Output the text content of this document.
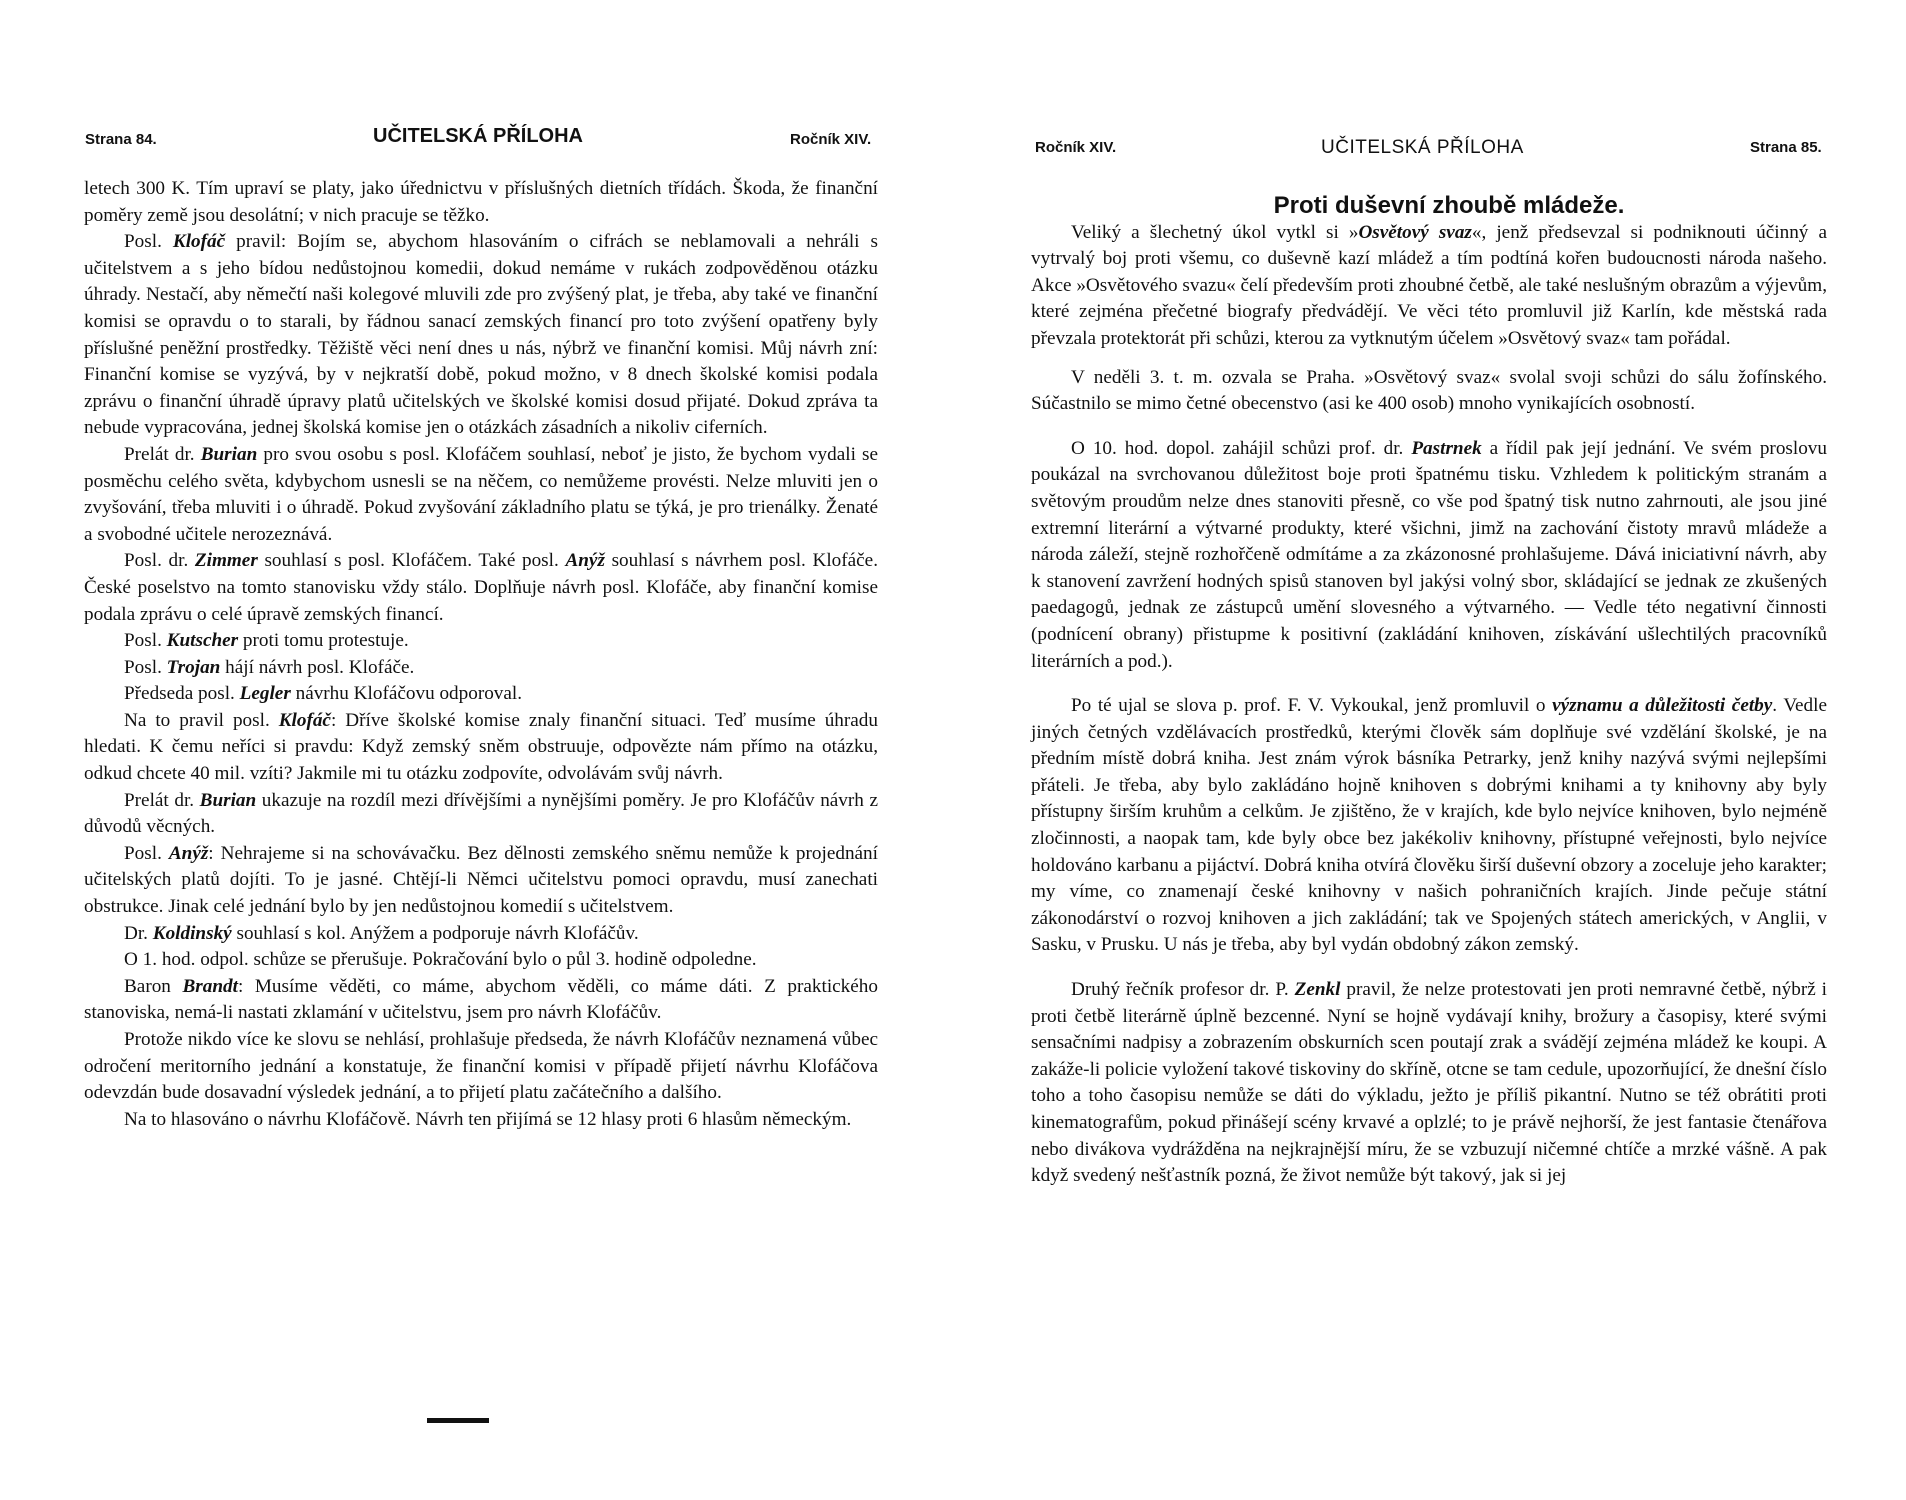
Strana 84.	UČITELSKÁ PŘÍLOHA	Ročník XIV.

letech 300 K. Tím upraví se platy, jako úřednictvu v příslušných dietních třídách. Škoda, že finanční poměry země jsou desolátní; v nich pracuje se těžko.

Posl. Klofáč pravil: Bojím se, abychom hlasováním o cifrách se neblamovali a nehráli s učitelstvem a s jeho bídou nedůstojnou komedii, dokud nemáme v rukách zodpověděnou otázku úhrady. Nestačí, aby němečtí naši kolegové mluvili zde pro zvýšený plat, je třeba, aby také ve finanční komisi se opravdu o to starali, by řádnou sanací zemských financí pro toto zvýšení opatřeny byly příslušné peněžní prostředky. Těžiště věci není dnes u nás, nýbrž ve finanční komisi. Můj návrh zní: Finanční komise se vyzývá, by v nejkratší době, pokud možno, v 8 dnech školské komisi podala zprávu o finanční úhradě úpravy platů učitelských ve školské komisi dosud přijaté. Dokud zpráva ta nebude vypracována, jednej školská komise jen o otázkách zásadních a nikoliv ciferních.

Prelát dr. Burian pro svou osobu s posl. Klofáčem souhlasí, neboť je jisto, že bychom vydali se posměchu celého světa, kdybychom usnesli se na něčem, co nemůžeme provésti. Nelze mluviti jen o zvyšování, třeba mluviti i o úhradě. Pokud zvyšování základního platu se týká, je pro trienálky. Ženaté a svobodné učitele nerozeznává.

Posl. dr. Zimmer souhlasí s posl. Klofáčem. Také posl. Anýž souhlasí s návrhem posl. Klofáče. České poselstvo na tomto stanovisku vždy stálo. Doplňuje návrh posl. Klofáče, aby finanční komise podala zprávu o celé úpravě zemských financí.

Posl. Kutscher proti tomu protestuje.

Posl. Trojan hájí návrh posl. Klofáče.

Předseda posl. Legler návrhu Klofáčovu odporoval.

Na to pravil posl. Klofáč: Dříve školské komise znaly finanční situaci. Teď musíme úhradu hledati. K čemu neříci si pravdu: Když zemský sněm obstruuje, odpovězte nám přímo na otázku, odkud chcete 40 mil. vzíti? Jakmile mi tu otázku zodpovíte, odvolávám svůj návrh.

Prelát dr. Burian ukazuje na rozdíl mezi dřívějšími a nynějšími poměry. Je pro Klofáčův návrh z důvodů věcných.

Posl. Anýž: Nehrajeme si na schovávačku. Bez dělnosti zemského sněmu nemůže k projednání učitelských platů dojíti. To je jasné. Chtějí-li Němci učitelstvu pomoci opravdu, musí zanechati obstrukce. Jinak celé jednání bylo by jen nedůstojnou komedií s učitelstvem.

Dr. Koldinský souhlasí s kol. Anýžem a podporuje návrh Klofáčův.

O 1. hod. odpol. schůze se přerušuje. Pokračování bylo o půl 3. hodině odpoledne.

Baron Brandt: Musíme věděti, co máme, abychom věděli, co máme dáti. Z praktického stanoviska, nemá-li nastati zklamání v učitelstvu, jsem pro návrh Klofáčův.

Protože nikdo více ke slovu se nehlásí, prohlašuje předseda, že návrh Klofáčův neznamená vůbec odročení meritorního jednání a konstatuje, že finanční komisi v případě přijetí návrhu Klofáčova odevzdán bude dosavadní výsledek jednání, a to přijetí platu začátečního a dalšího.

Na to hlasováno o návrhu Klofáčově. Návrh ten přijímá se 12 hlasy proti 6 hlasům německým.

Ročník XIV.	UČITELSKÁ PŘÍLOHA	Strana 85.

Proti duševní zhoubě mládeže.

Veliký a šlechetný úkol vytkl si »Osvětový svaz«, jenž předsevzal si podniknouti účinný a vytrvalý boj proti všemu, co duševně kazí mládež a tím podtíná kořen budoucnosti národa našeho. Akce »Osvětového svazu« čelí především proti zhoubné četbě, ale také neslušným obrazům a výjevům, které zejména přečetné biografy předvádějí. Ve věci této promluvil již Karlín, kde městská rada převzala protektorát při schůzi, kterou za vytknutým účelem »Osvětový svaz« tam pořádal.

V neděli 3. t. m. ozvala se Praha. »Osvětový svaz« svolal svoji schůzi do sálu žofínského. Súčastnilo se mimo četné obecenstvo (asi ke 400 osob) mnoho vynikajících osobností.

O 10. hod. dopol. zahájil schůzi prof. dr. Pastrnek a řídil pak její jednání. Ve svém proslovu poukázal na svrchovanou důležitost boje proti špatnému tisku. Vzhledem k politickým stranám a světovým proudům nelze dnes stanoviti přesně, co vše pod špatný tisk nutno zahrnouti, ale jsou jiné extremní literární a výtvarné produkty, které všichni, jimž na zachování čistoty mravů mládeže a národa záleží, stejně rozhořčeně odmítáme a za zkázonosné prohlašujeme. Dává iniciativní návrh, aby k stanovení zavržení hodných spisů stanoven byl jakýsi volný sbor, skládající se jednak ze zkušených paedagogů, jednak ze zástupců umění slovesného a výtvarného. — Vedle této negativní činnosti (podnícení obrany) přistupme k positivní (zakládání knihoven, získávání ušlechtilých pracovníků literárních a pod.).

Po té ujal se slova p. prof. F. V. Vykoukal, jenž promluvil o významu a důležitosti četby. Vedle jiných četných vzdělávacích prostředků, kterými člověk sám doplňuje své vzdělání školské, je na předním místě dobrá kniha. Jest znám výrok básníka Petrarky, jenž knihy nazývá svými nejlepšími přáteli. Je třeba, aby bylo zakládáno hojně knihoven s dobrými knihami a ty knihovny aby byly přístupny širším kruhům a celkům. Je zjištěno, že v krajích, kde bylo nejvíce knihoven, bylo nejméně zločinnosti, a naopak tam, kde byly obce bez jakékoliv knihovny, přístupné veřejnosti, bylo nejvíce holdováno karbanu a pijáctví. Dobrá kniha otvírá člověku širší duševní obzory a zoceluje jeho karakter; my víme, co znamenají české knihovny v našich pohraničních krajích. Jinde pečuje státní zákonodárství o rozvoj knihoven a jich zakládání; tak ve Spojených státech amerických, v Anglii, v Sasku, v Prusku. U nás je třeba, aby byl vydán obdobný zákon zemský.

Druhý řečník profesor dr. P. Zenkl pravil, že nelze protestovati jen proti nemravné četbě, nýbrž i proti četbě literárně úplně bezcenné. Nyní se hojně vydávají knihy, brožury a časopisy, které svými sensačními nadpisy a zobrazením obskurních scen poutají zrak a svádějí zejména mládež ke koupi. A zakáže-li policie vyložení takové tiskoviny do skříně, otcne se tam cedule, upozorňující, že dnešní číslo toho a toho časopisu nemůže se dáti do výkladu, ježto je příliš pikantní. Nutno se též obrátiti proti kinematografům, pokud přinášejí scény krvavé a oplzlé; to je právě nejhorší, že jest fantasie čtenářova nebo divákova vydrážděna na nejkrajnější míru, že se vzbuzují ničemné chtíče a mrzké vášně. A pak když svedený nešťastník pozná, že život nemůže být takový, jak si jej
